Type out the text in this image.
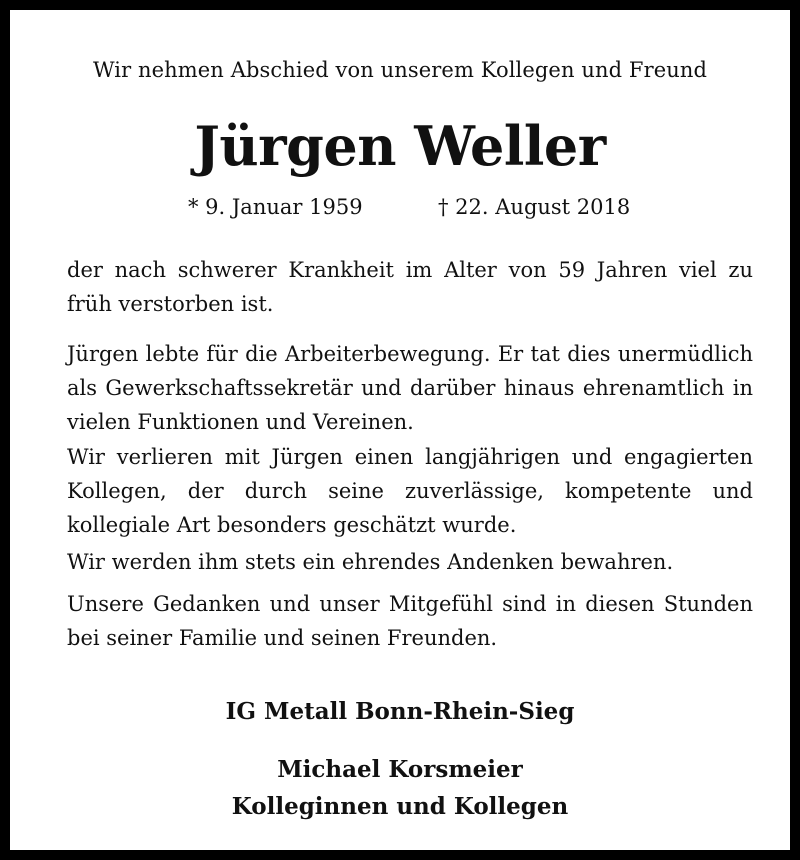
Wir nehmen Abschied von unserem Kollegen und Freund
Jürgen Weller
* 9. Januar 1959	† 22. August 2018

der nach schwerer Krankheit im Alter von 59 Jahren viel zu früh verstorben ist.

Jürgen lebte für die Arbeiterbewegung. Er tat dies unermüdlich als Gewerkschaftssekretär und darüber hinaus ehrenamtlich in vielen Funktionen und Vereinen.

Wir verlieren mit Jürgen einen langjährigen und engagierten Kollegen, der durch seine zuverlässige, kompetente und kollegiale Art besonders geschätzt wurde.

Wir werden ihm stets ein ehrendes Andenken bewahren.

Unsere Gedanken und unser Mitgefühl sind in diesen Stunden bei seiner Familie und seinen Freunden.

IG Metall Bonn-Rhein-Sieg
Michael Korsmeier
Kolleginnen und Kollegen
